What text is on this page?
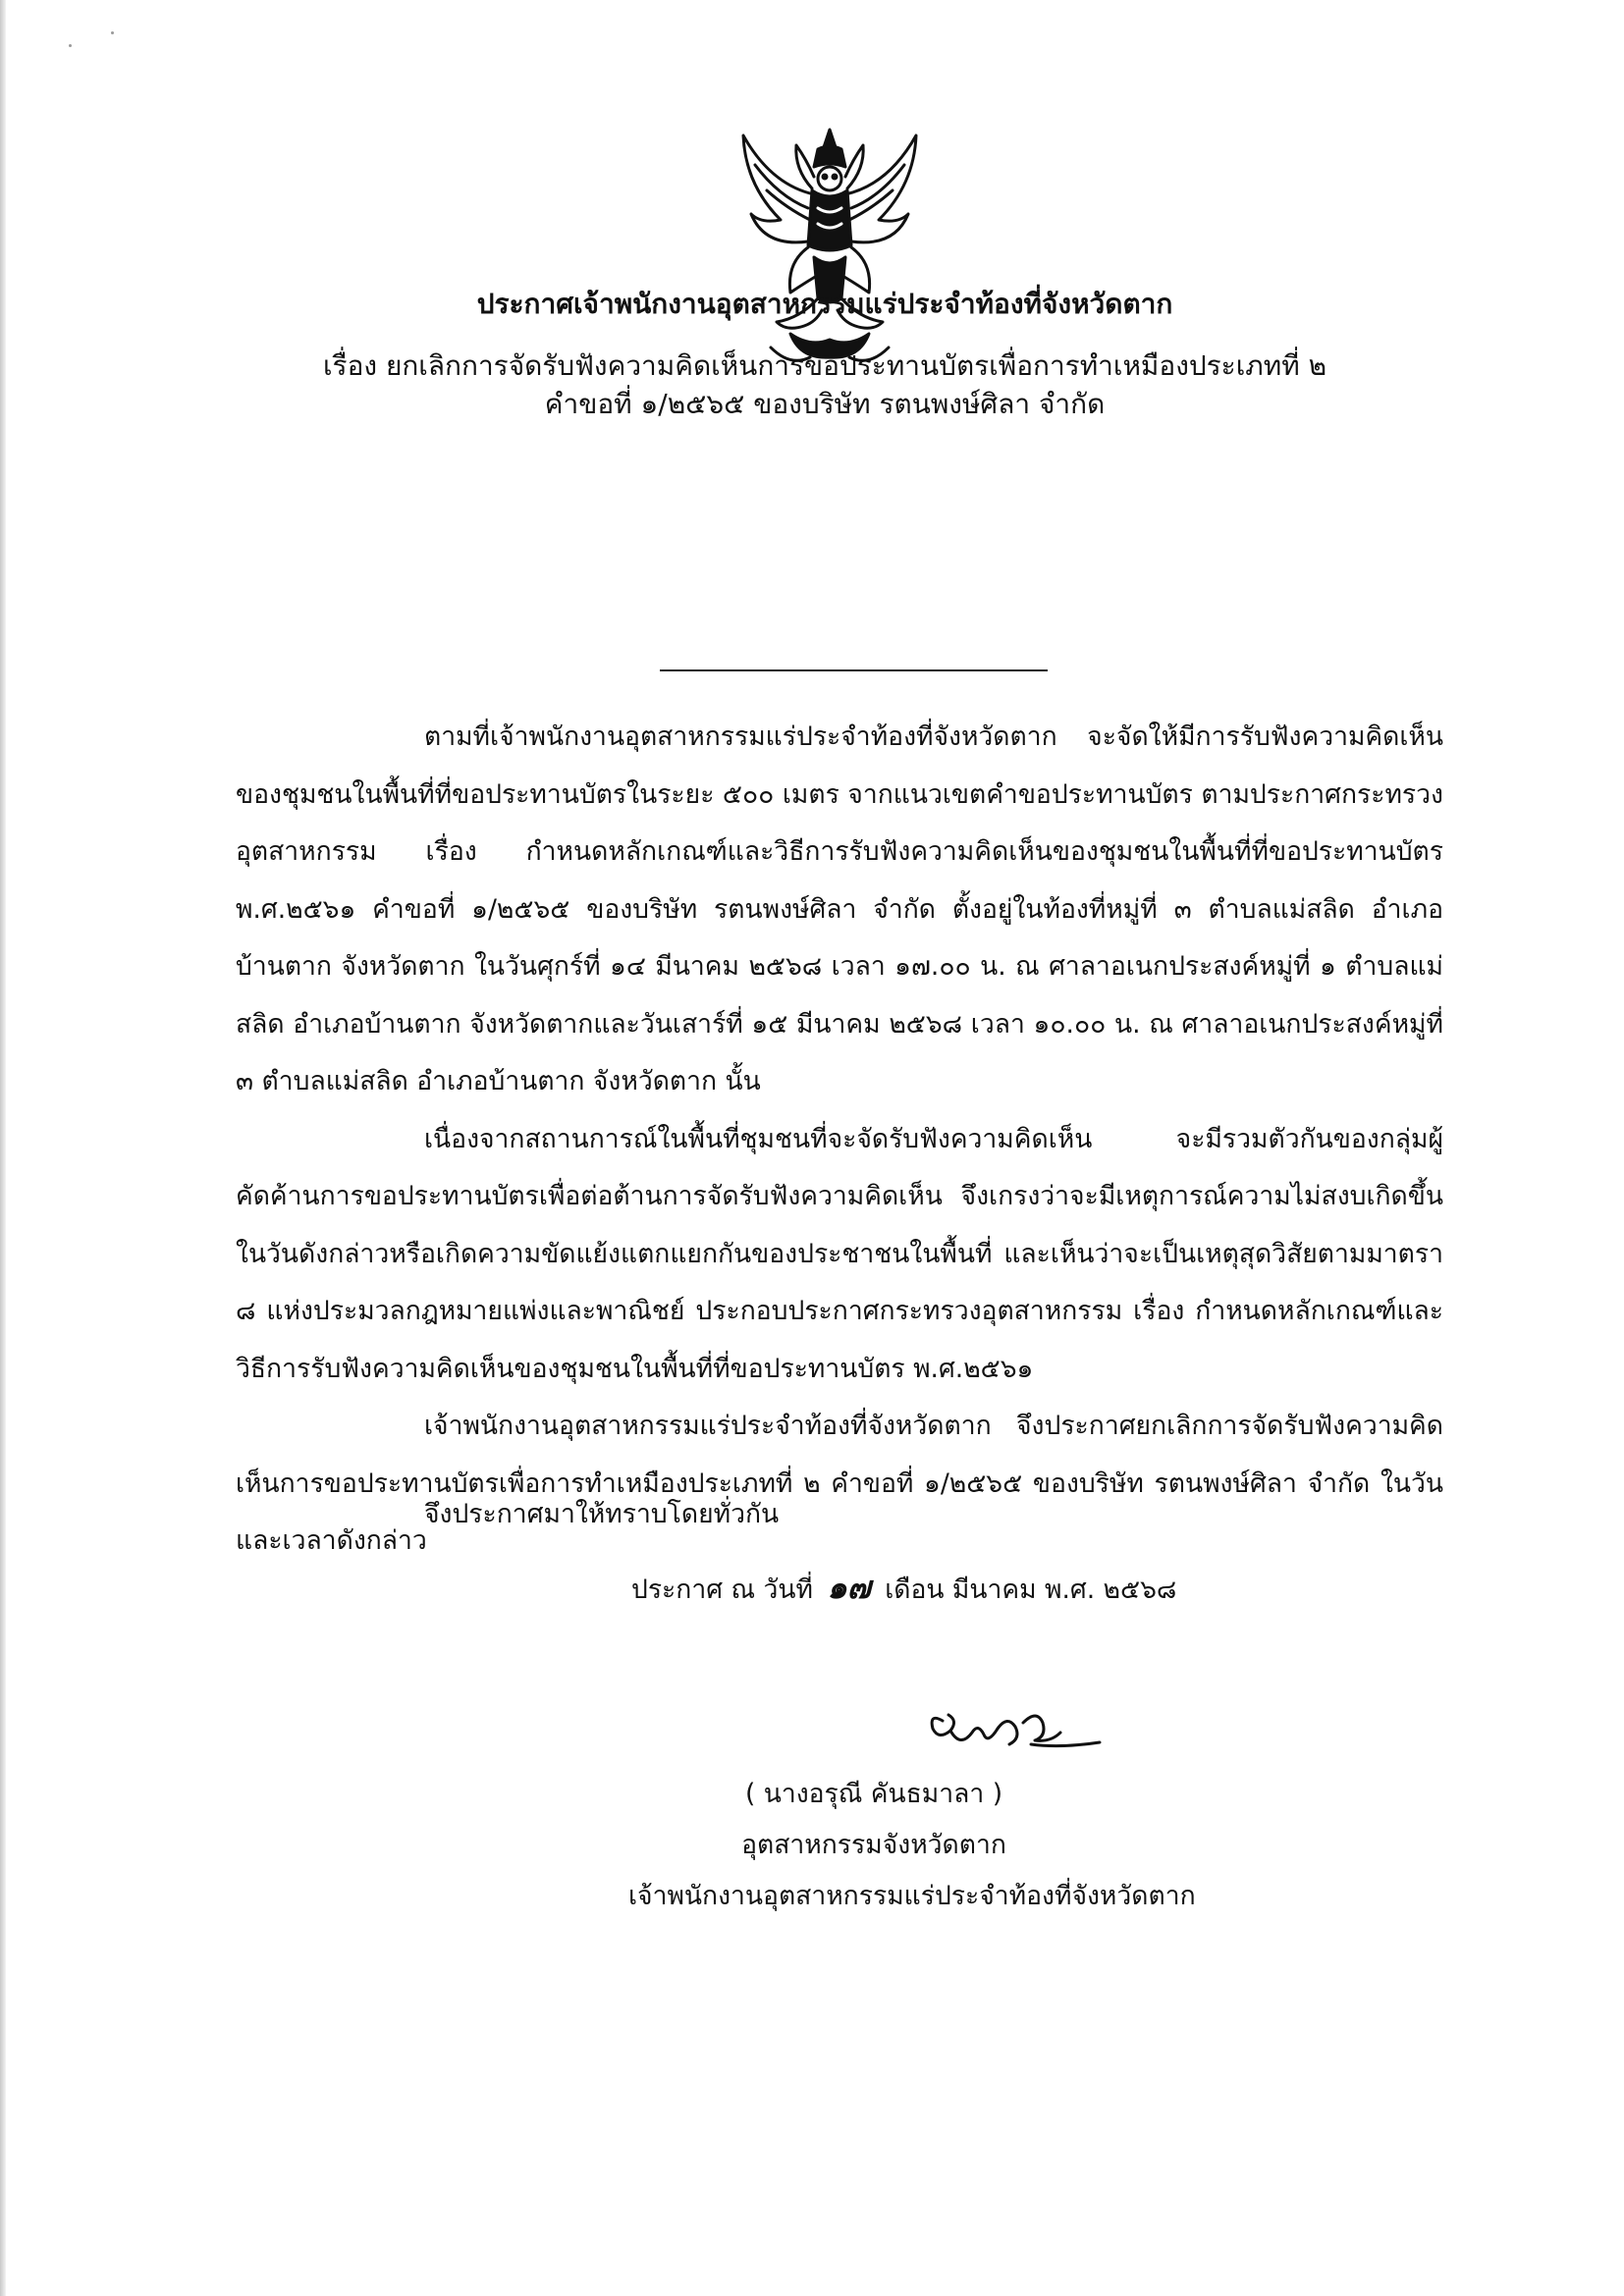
ประกาศเจ้าพนักงานอุตสาหกรรมแร่ประจำท้องที่จังหวัดตาก
เรื่อง ยกเลิกการจัดรับฟังความคิดเห็นการขอประทานบัตรเพื่อการทำเหมืองประเภทที่ ๒
คำขอที่ ๑/๒๕๖๕ ของบริษัท รตนพงษ์ศิลา จำกัด

ตามที่เจ้าพนักงานอุตสาหกรรมแร่ประจำท้องที่จังหวัดตาก จะจัดให้มีการรับฟังความคิดเห็นของชุมชนในพื้นที่ที่ขอประทานบัตรในระยะ ๕๐๐ เมตร จากแนวเขตคำขอประทานบัตร ตามประกาศกระทรวงอุตสาหกรรม เรื่อง กำหนดหลักเกณฑ์และวิธีการรับฟังความคิดเห็นของชุมชนในพื้นที่ที่ขอประทานบัตร พ.ศ.๒๕๖๑ คำขอที่ ๑/๒๕๖๕ ของบริษัท รตนพงษ์ศิลา จำกัด ตั้งอยู่ในท้องที่หมู่ที่ ๓ ตำบลแม่สลิด อำเภอบ้านตาก จังหวัดตาก ในวันศุกร์ที่ ๑๔ มีนาคม ๒๕๖๘ เวลา ๑๗.๐๐ น. ณ ศาลาอเนกประสงค์หมู่ที่ ๑ ตำบลแม่สลิด อำเภอบ้านตาก จังหวัดตากและวันเสาร์ที่ ๑๕ มีนาคม ๒๕๖๘ เวลา ๑๐.๐๐ น. ณ ศาลาอเนกประสงค์หมู่ที่ ๓ ตำบลแม่สลิด อำเภอบ้านตาก จังหวัดตาก นั้น

เนื่องจากสถานการณ์ในพื้นที่ชุมชนที่จะจัดรับฟังความคิดเห็น จะมีรวมตัวกันของกลุ่มผู้คัดค้านการขอประทานบัตรเพื่อต่อต้านการจัดรับฟังความคิดเห็น จึงเกรงว่าจะมีเหตุการณ์ความไม่สงบเกิดขึ้นในวันดังกล่าวหรือเกิดความขัดแย้งแตกแยกกันของประชาชนในพื้นที่ และเห็นว่าจะเป็นเหตุสุดวิสัยตามมาตรา ๘ แห่งประมวลกฎหมายแพ่งและพาณิชย์ ประกอบประกาศกระทรวงอุตสาหกรรม เรื่อง กำหนดหลักเกณฑ์และวิธีการรับฟังความคิดเห็นของชุมชนในพื้นที่ที่ขอประทานบัตร พ.ศ.๒๕๖๑

เจ้าพนักงานอุตสาหกรรมแร่ประจำท้องที่จังหวัดตาก จึงประกาศยกเลิกการจัดรับฟังความคิดเห็นการขอประทานบัตรเพื่อการทำเหมืองประเภทที่ ๒ คำขอที่ ๑/๒๕๖๕ ของบริษัท รตนพงษ์ศิลา จำกัด ในวันและเวลาดังกล่าว

จึงประกาศมาให้ทราบโดยทั่วกัน
ประกาศ ณ วันที่ ๑๗ เดือน มีนาคม พ.ศ. ๒๕๖๘
( นางอรุณี คันธมาลา )
อุตสาหกรรมจังหวัดตาก
เจ้าพนักงานอุตสาหกรรมแร่ประจำท้องที่จังหวัดตาก
